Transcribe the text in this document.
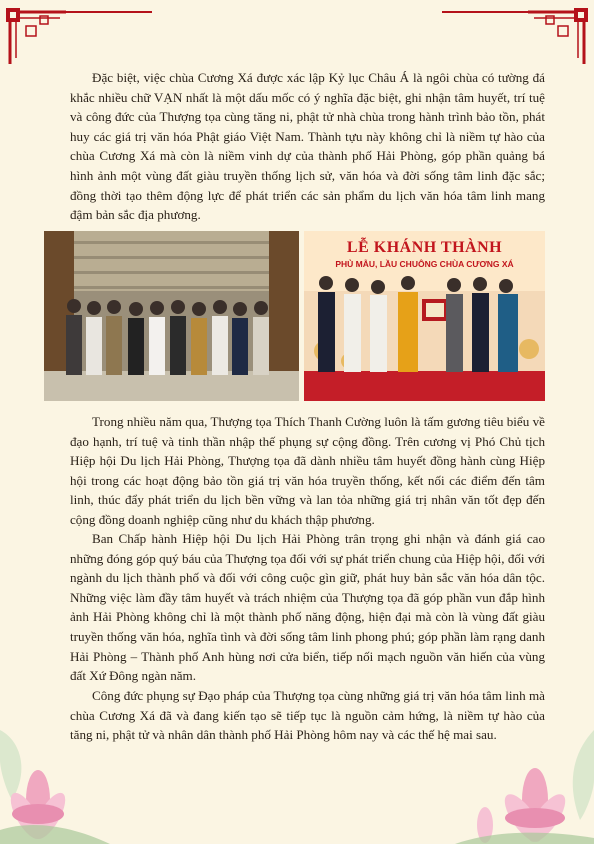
Đặc biệt, việc chùa Cương Xá được xác lập Kỷ lục Châu Á là ngôi chùa có tường đá khắc nhiều chữ VẠN nhất là một dấu mốc có ý nghĩa đặc biệt, ghi nhận tâm huyết, trí tuệ và công đức của Thượng tọa cùng tăng ni, phật tử nhà chùa trong hành trình bảo tồn, phát huy các giá trị văn hóa Phật giáo Việt Nam. Thành tựu này không chỉ là niềm tự hào của chùa Cương Xá mà còn là niềm vinh dự của thành phố Hải Phòng, góp phần quảng bá hình ảnh một vùng đất giàu truyền thống lịch sử, văn hóa và đời sống tâm linh đặc sắc; đồng thời tạo thêm động lực để phát triển các sản phẩm du lịch văn hóa tâm linh mang đậm bản sắc địa phương.

LỄ KHÁNH THÀNH
PHỦ MẪU, LẦU CHUÔNG CHÙA CƯƠNG XÁ

Trong nhiều năm qua, Thượng tọa Thích Thanh Cường luôn là tấm gương tiêu biểu về đạo hạnh, trí tuệ và tinh thần nhập thế phụng sự cộng đồng. Trên cương vị Phó Chủ tịch Hiệp hội Du lịch Hải Phòng, Thượng tọa đã dành nhiều tâm huyết đồng hành cùng Hiệp hội trong các hoạt động bảo tồn giá trị văn hóa truyền thống, kết nối các điểm đến tâm linh, thúc đẩy phát triển du lịch bền vững và lan tỏa những giá trị nhân văn tốt đẹp đến cộng đồng doanh nghiệp cũng như du khách thập phương.

Ban Chấp hành Hiệp hội Du lịch Hải Phòng trân trọng ghi nhận và đánh giá cao những đóng góp quý báu của Thượng tọa đối với sự phát triển chung của Hiệp hội, đối với ngành du lịch thành phố và đối với công cuộc gìn giữ, phát huy bản sắc văn hóa dân tộc. Những việc làm đầy tâm huyết và trách nhiệm của Thượng tọa đã góp phần vun đắp hình ảnh Hải Phòng không chỉ là một thành phố năng động, hiện đại mà còn là vùng đất giàu truyền thống văn hóa, nghĩa tình và đời sống tâm linh phong phú; góp phần làm rạng danh Hải Phòng – Thành phố Anh hùng nơi cửa biển, tiếp nối mạch nguồn văn hiến của vùng đất Xứ Đông ngàn năm.

Công đức phụng sự Đạo pháp của Thượng tọa cùng những giá trị văn hóa tâm linh mà chùa Cương Xá đã và đang kiến tạo sẽ tiếp tục là nguồn cảm hứng, là niềm tự hào của tăng ni, phật tử và nhân dân thành phố Hải Phòng hôm nay và các thế hệ mai sau.
